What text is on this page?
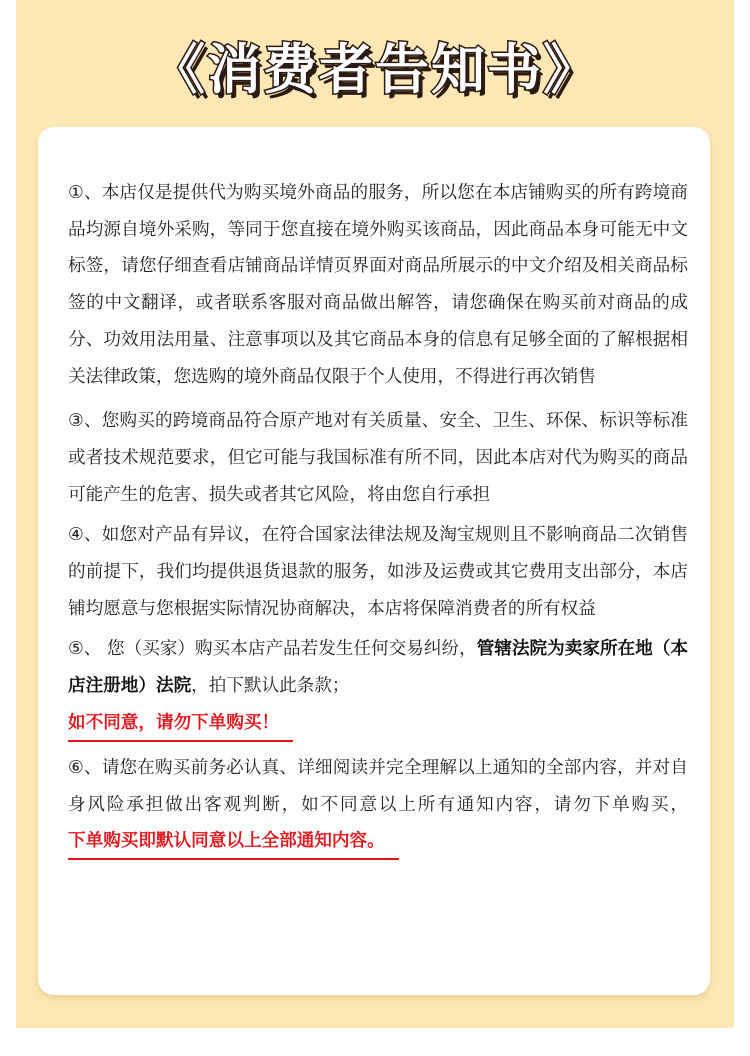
《消费者告知书》

①、本店仅是提供代为购买境外商品的服务，所以您在本店铺购买的所有跨境商品均源自境外采购，等同于您直接在境外购买该商品，因此商品本身可能无中文标签，请您仔细查看店铺商品详情页界面对商品所展示的中文介绍及相关商品标签的中文翻译，或者联系客服对商品做出解答，请您确保在购买前对商品的成分、功效用法用量、注意事项以及其它商品本身的信息有足够全面的了解根据相关法律政策，您选购的境外商品仅限于个人使用，不得进行再次销售

③、您购买的跨境商品符合原产地对有关质量、安全、卫生、环保、标识等标准或者技术规范要求，但它可能与我国标准有所不同，因此本店对代为购买的商品可能产生的危害、损失或者其它风险，将由您自行承担

④、如您对产品有异议，在符合国家法律法规及淘宝规则且不影响商品二次销售的前提下，我们均提供退货退款的服务，如涉及运费或其它费用支出部分，本店铺均愿意与您根据实际情况协商解决，本店将保障消费者的所有权益

⑤、 您（买家）购买本店产品若发生任何交易纠纷，管辖法院为卖家所在地（本店注册地）法院，拍下默认此条款；
如不同意，请勿下单购买！

⑥、请您在购买前务必认真、详细阅读并完全理解以上通知的全部内容，并对自身风险承担做出客观判断，如不同意以上所有通知内容，请勿下单购买，下单购买即默认同意以上全部通知内容。
